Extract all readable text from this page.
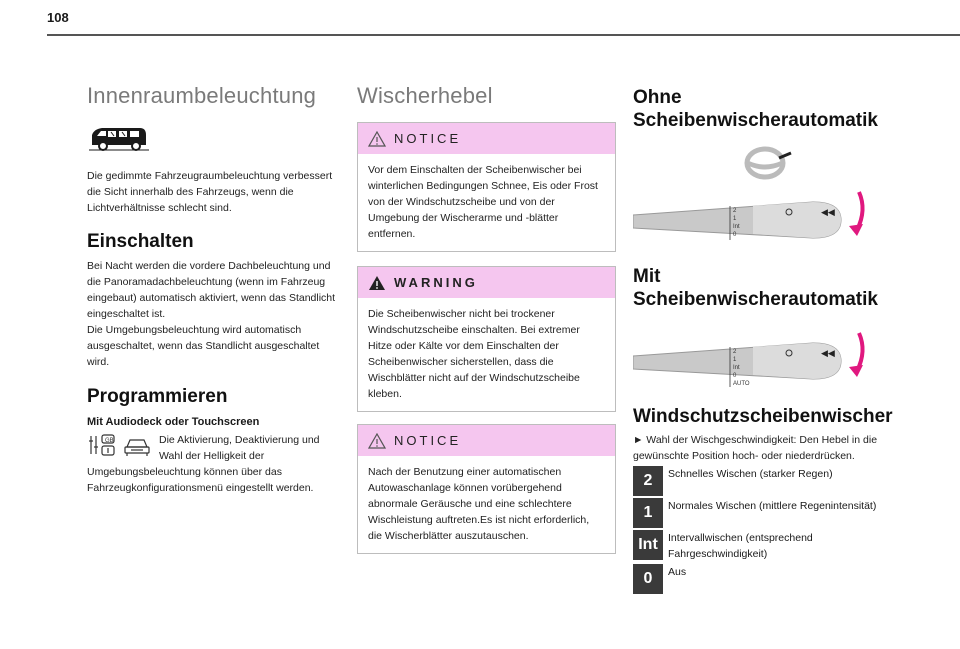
108
Innenraumbeleuchtung

Die gedimmte Fahrzeugraumbeleuchtung verbessert die Sicht innerhalb des Fahrzeugs, wenn die Lichtverhältnisse schlecht sind.

Einschalten

Bei Nacht werden die vordere Dachbeleuchtung und die Panoramadachbeleuchtung (wenn im Fahrzeug eingebaut) automatisch aktiviert, wenn das Standlicht eingeschaltet ist.

Die Umgebungsbeleuchtung wird automatisch ausgeschaltet, wenn das Standlicht ausgeschaltet wird.

Programmieren
Mit Audiodeck oder Touchscreen
GB	Die Aktivierung, Deaktivierung und Wahl der Helligkeit der

Umgebungsbeleuchtung können über das Fahrzeugkonfigurationsmenü eingestellt werden.

Wischerhebel
NOTICE

Vor dem Einschalten der Scheibenwischer bei winterlichen Bedingungen Schnee, Eis oder Frost von der Windschutzscheibe und von der Umgebung der Wischerarme und -blätter entfernen.

WARNING

Die Scheibenwischer nicht bei trockener Windschutzscheibe einschalten. Bei extremer Hitze oder Kälte vor dem Einschalten der Scheibenwischer sicherstellen, dass die Wischblätter nicht auf der Windschutzscheibe kleben.

NOTICE

Nach der Benutzung einer automatischen Autowaschanlage können vorübergehend abnormale Geräusche und eine schlechtere Wischleistung auftreten.Es ist nicht erforderlich, die Wischerblätter auszutauschen.

Ohne Scheibenwischerautomatik
2
1
Int
0
◀◀
Mit Scheibenwischerautomatik
2
1
Int
0
AUTO
◀◀
Windschutzscheibenwischer

► Wahl der Wischgeschwindigkeit: Den Hebel in die gewünschte Position hoch- oder niederdrücken.

2	Schnelles Wischen (starker Regen)
1	Normales Wischen (mittlere Regenintensität)
Int Intervallwischen (entsprechend Fahrgeschwindigkeit)
0	Aus
